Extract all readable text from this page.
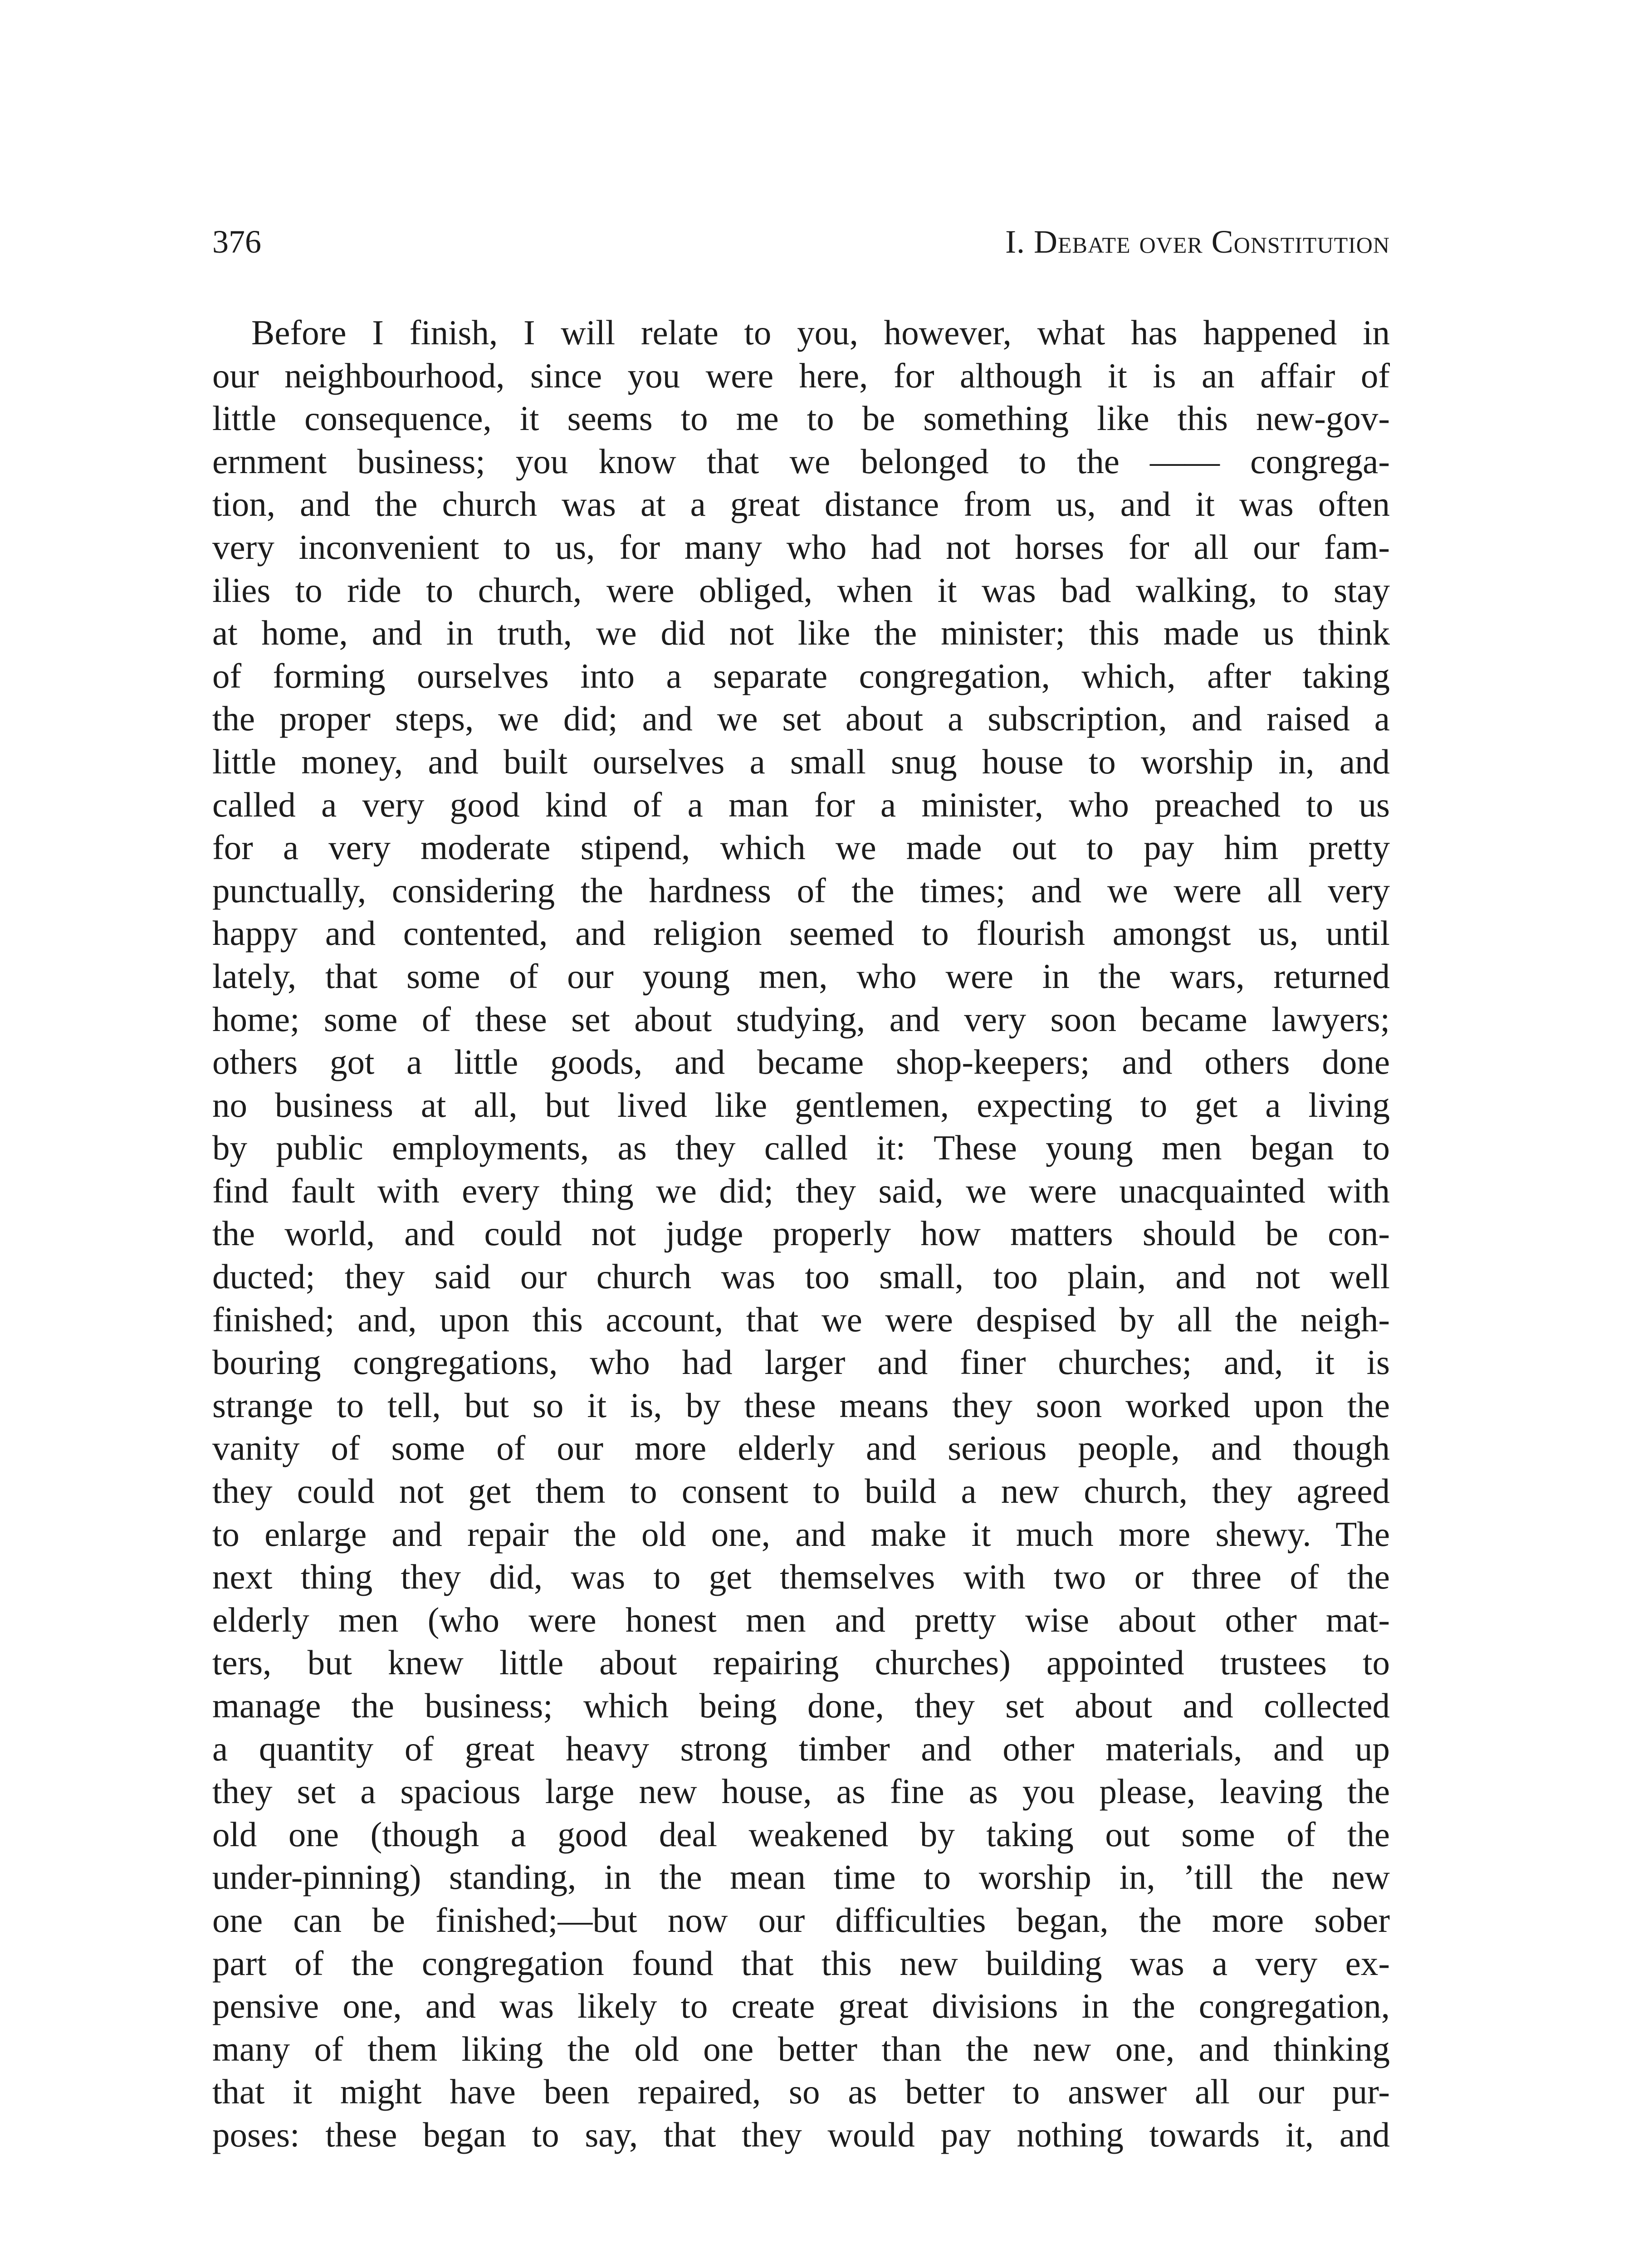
376	I. Debate over Constitution
Before I finish, I will relate to you, however, what has happened in
our neighbourhood, since you were here, for although it is an affair of
little consequence, it seems to me to be something like this new-gov-
ernment business; you know that we belonged to the —— congrega-
tion, and the church was at a great distance from us, and it was often
very inconvenient to us, for many who had not horses for all our fam-
ilies to ride to church, were obliged, when it was bad walking, to stay
at home, and in truth, we did not like the minister; this made us think
of forming ourselves into a separate congregation, which, after taking
the proper steps, we did; and we set about a subscription, and raised a
little money, and built ourselves a small snug house to worship in, and
called a very good kind of a man for a minister, who preached to us
for a very moderate stipend, which we made out to pay him pretty
punctually, considering the hardness of the times; and we were all very
happy and contented, and religion seemed to flourish amongst us, until
lately, that some of our young men, who were in the wars, returned
home; some of these set about studying, and very soon became lawyers;
others got a little goods, and became shop-keepers; and others done
no business at all, but lived like gentlemen, expecting to get a living
by public employments, as they called it: These young men began to
find fault with every thing we did; they said, we were unacquainted with
the world, and could not judge properly how matters should be con-
ducted; they said our church was too small, too plain, and not well
finished; and, upon this account, that we were despised by all the neigh-
bouring congregations, who had larger and finer churches; and, it is
strange to tell, but so it is, by these means they soon worked upon the
vanity of some of our more elderly and serious people, and though
they could not get them to consent to build a new church, they agreed
to enlarge and repair the old one, and make it much more shewy. The
next thing they did, was to get themselves with two or three of the
elderly men (who were honest men and pretty wise about other mat-
ters, but knew little about repairing churches) appointed trustees to
manage the business; which being done, they set about and collected
a quantity of great heavy strong timber and other materials, and up
they set a spacious large new house, as fine as you please, leaving the
old one (though a good deal weakened by taking out some of the
under-pinning) standing, in the mean time to worship in, ’till the new
one can be finished;—but now our difficulties began, the more sober
part of the congregation found that this new building was a very ex-
pensive one, and was likely to create great divisions in the congregation,
many of them liking the old one better than the new one, and thinking
that it might have been repaired, so as better to answer all our pur-
poses: these began to say, that they would pay nothing towards it, and
